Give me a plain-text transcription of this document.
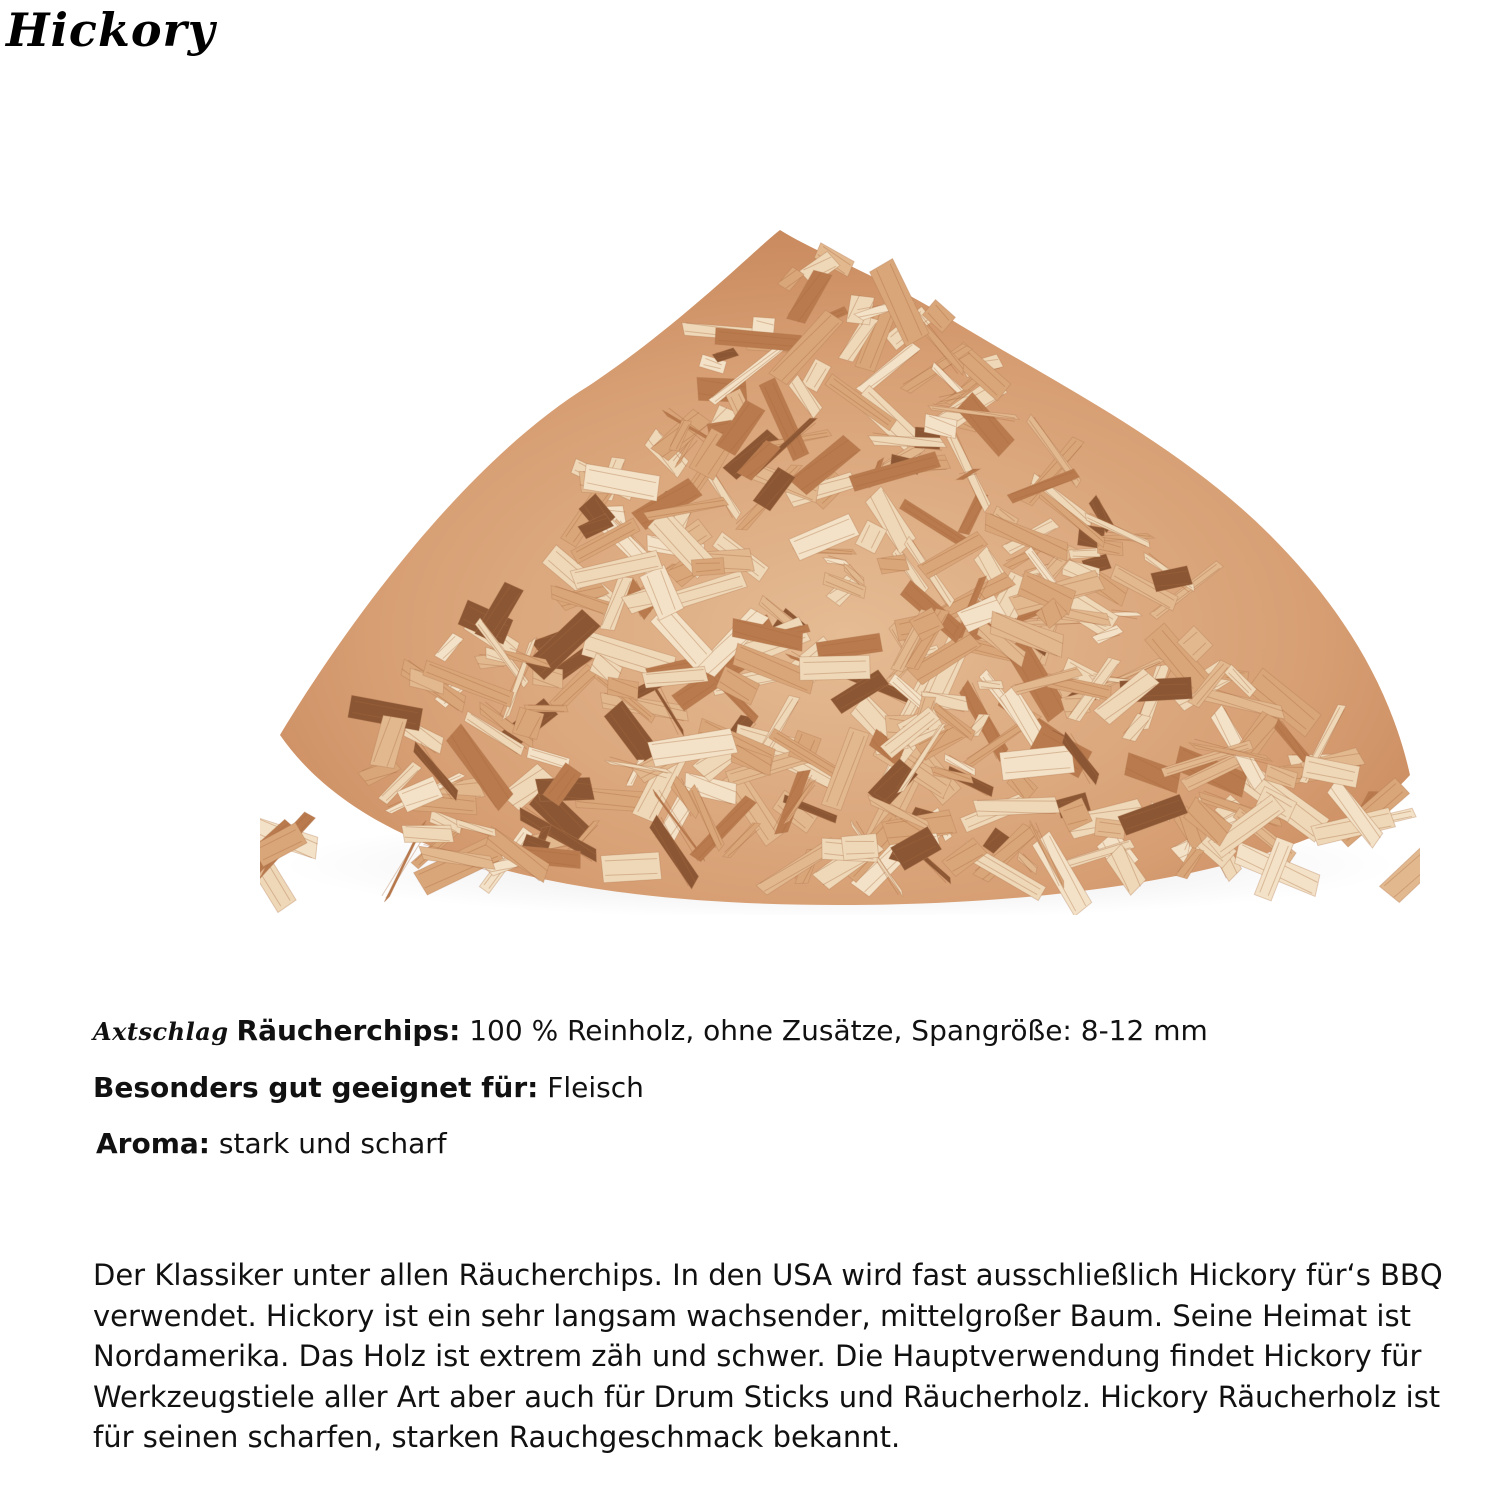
Hickory

Axtschlag Räucherchips: 100 % Reinholz, ohne Zusätze, Spangröße: 8-12 mm

Besonders gut geeignet für: Fleisch

Aroma: stark und scharf

Der Klassiker unter allen Räucherchips. In den USA wird fast ausschließlich Hickory für‘s BBQ verwendet. Hickory ist ein sehr langsam wachsender, mittelgroßer Baum. Seine Heimat ist Nordamerika. Das Holz ist extrem zäh und schwer. Die Hauptverwendung findet Hickory für Werkzeugstiele aller Art aber auch für Drum Sticks und Räucherholz. Hickory Räucherholz ist für seinen scharfen, starken Rauchgeschmack bekannt.
